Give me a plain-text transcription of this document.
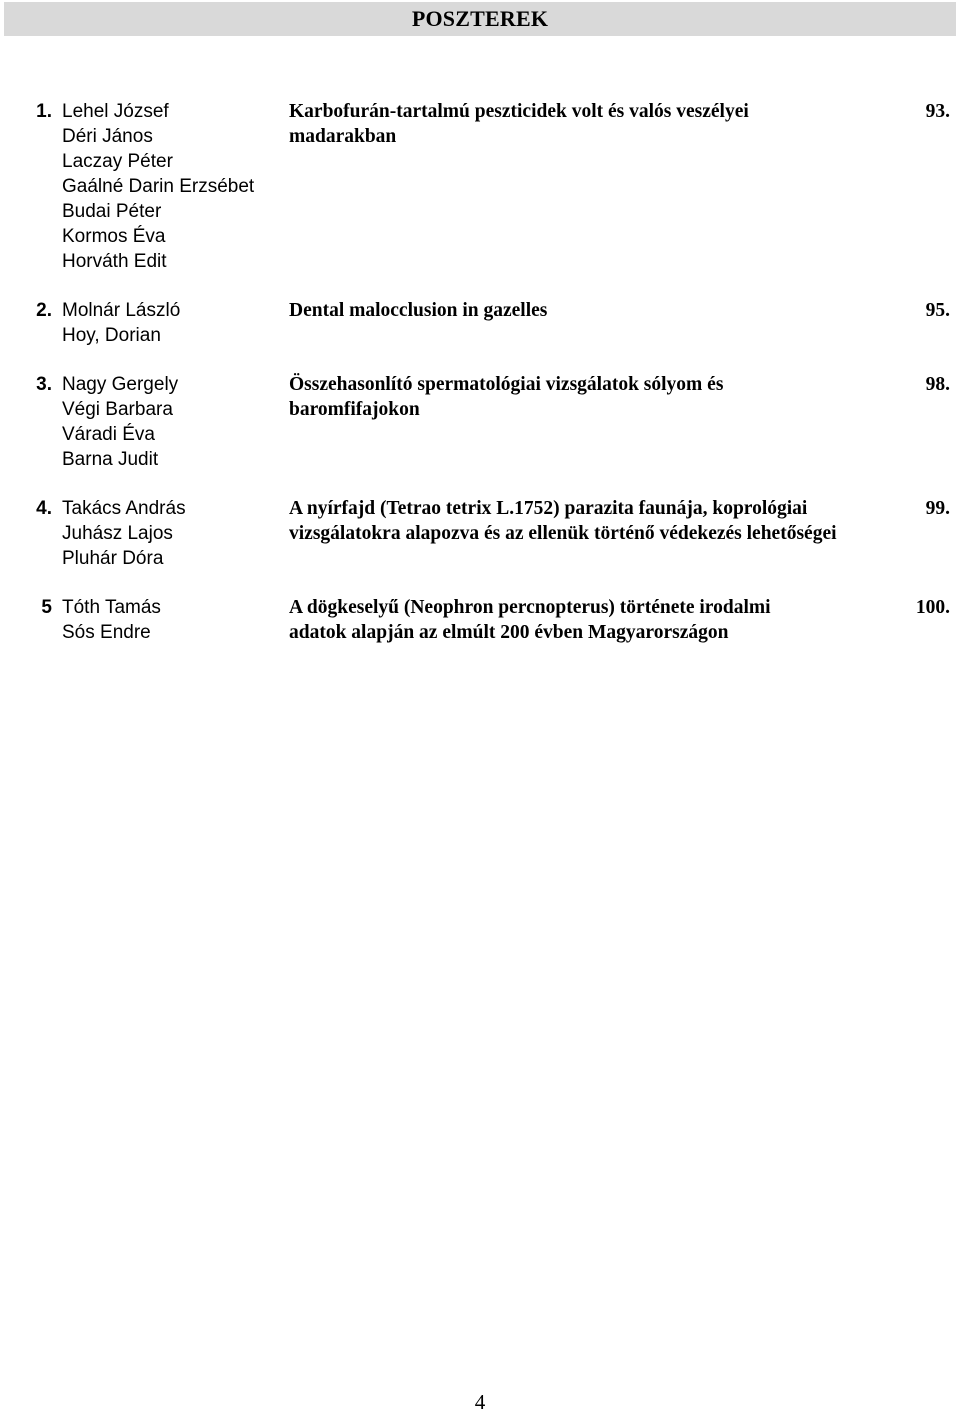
POSZTEREK
1. Lehel József
Déri János
Laczay Péter
Gaálné Darin Erzsébet
Budai Péter
Kormos Éva
Horváth Edit
Karbofurán-tartalmú peszticidek volt és valós veszélyei
madarakban
93.
2. Molnár László
Hoy, Dorian
Dental malocclusion in gazelles	95.
3. Nagy Gergely
Végi Barbara
Váradi Éva
Barna Judit
Összehasonlító spermatológiai vizsgálatok sólyom és
baromfifajokon
98.
4. Takács András
Juhász Lajos
Pluhár Dóra
A nyírfajd (Tetrao tetrix L.1752) parazita faunája, koprológiai
vizsgálatokra alapozva és az ellenük történő védekezés lehetőségei
99.
5 Tóth Tamás
Sós Endre
A dögkeselyű (Neophron percnopterus) története irodalmi
adatok alapján az elmúlt 200 évben Magyarországon
100.
4
